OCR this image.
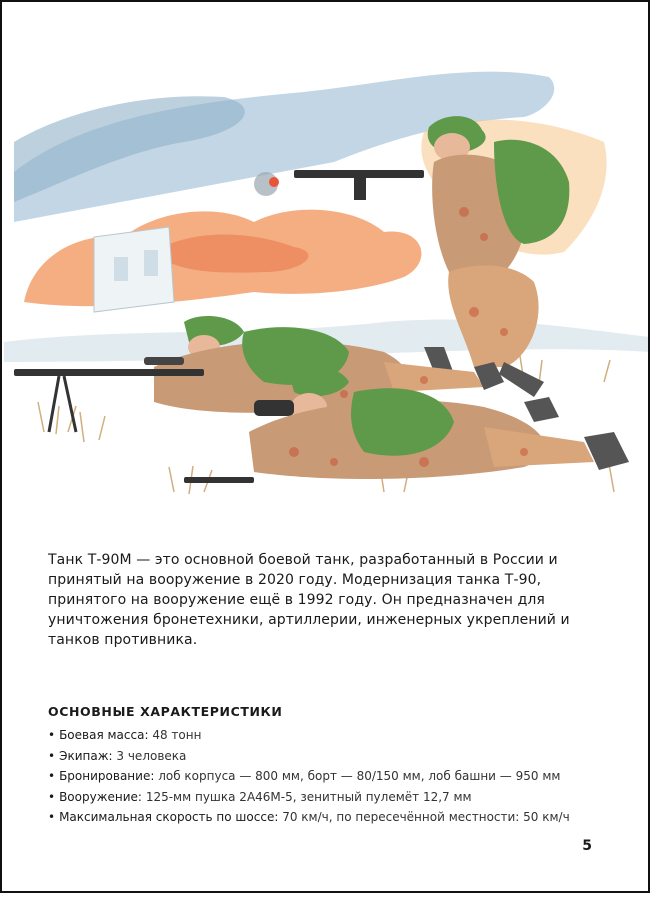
Танк Т-90М — это основной боевой танк, разработанный в России и принятый на вооружение в 2020 году. Модернизация танка Т-90, принятого на вооружение ещё в 1992 году. Он предназначен для уничтожения бронетехники, артиллерии, инженерных укреплений и танков противника.

ОСНОВНЫЕ ХАРАКТЕРИСТИКИ
• Боевая масса: 48 тонн
• Экипаж: 3 человека
• Бронирование: лоб корпуса — 800 мм, борт — 80/150 мм, лоб башни — 950 мм
• Вооружение: 125-мм пушка 2А46М-5, зенитный пулемёт 12,7 мм
• Максимальная скорость по шоссе: 70 км/ч, по пересечённой местности: 50 км/ч
5
